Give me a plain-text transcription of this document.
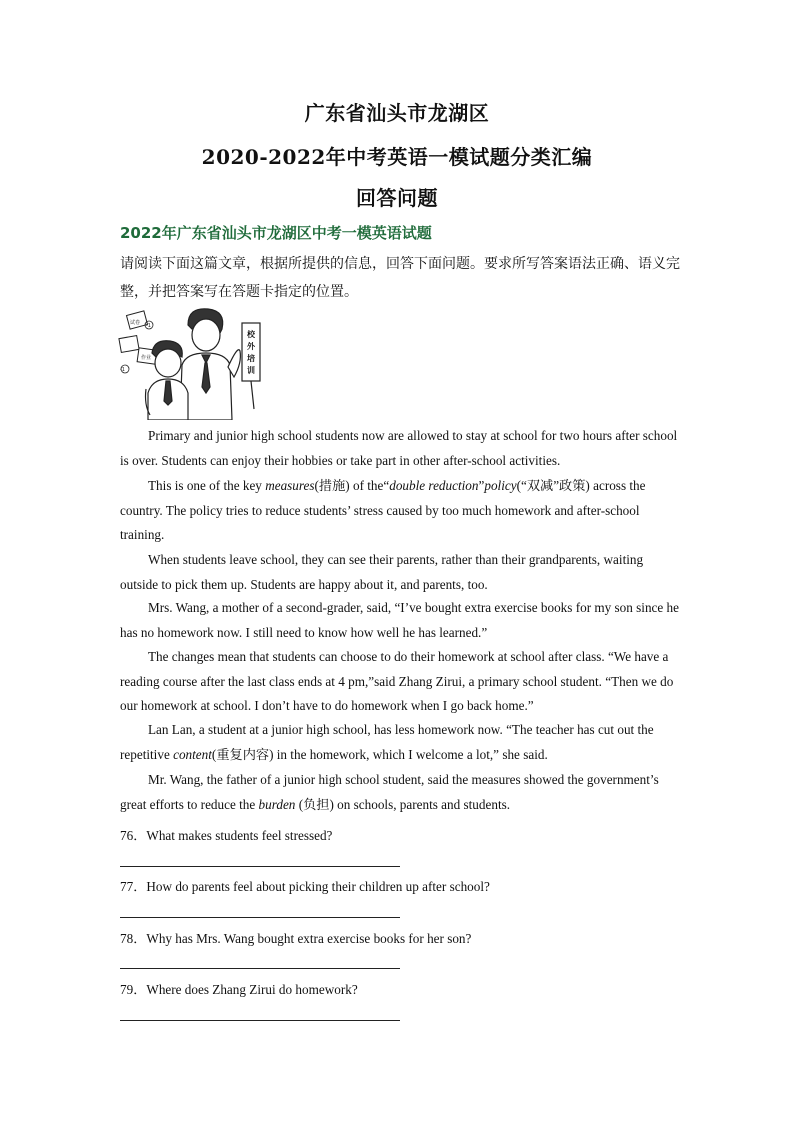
广东省汕头市龙湖区
2020-2022年中考英语一模试题分类汇编
回答问题
2022年广东省汕头市龙湖区中考一模英语试题
请阅读下面这篇文章，根据所提供的信息，回答下面问题。要求所写答案语法正确、语义完整，并把答案写在答题卡指定的位置。
试卷
作业
-1
-1
校 外 培 训

Primary and junior high school students now are allowed to stay at school for two hours after school is over. Students can enjoy their hobbies or take part in other after-school activities.

This is one of the key measures(措施) of the“double reduction”policy(“双减”政策) across the country. The policy tries to reduce students’ stress caused by too much homework and after-school training.

When students leave school, they can see their parents, rather than their grandparents, waiting outside to pick them up. Students are happy about it, and parents, too.

Mrs. Wang, a mother of a second-grader, said, “I’ve bought extra exercise books for my son since he has no homework now. I still need to know how well he has learned.”

The changes mean that students can choose to do their homework at school after class. “We have a reading course after the last class ends at 4 pm,”said Zhang Zirui, a primary school student. “Then we do our homework at school. I don’t have to do homework when I go back home.”

Lan Lan, a student at a junior high school, has less homework now. “The teacher has cut out the repetitive content(重复内容) in the homework, which I welcome a lot,” she said.

Mr. Wang, the father of a junior high school student, said the measures showed the government’s great efforts to reduce the burden (负担) on schools, parents and students.

76．What makes students feel stressed?
77．How do parents feel about picking their children up after school?
78．Why has Mrs. Wang bought extra exercise books for her son?
79．Where does Zhang Zirui do homework?
